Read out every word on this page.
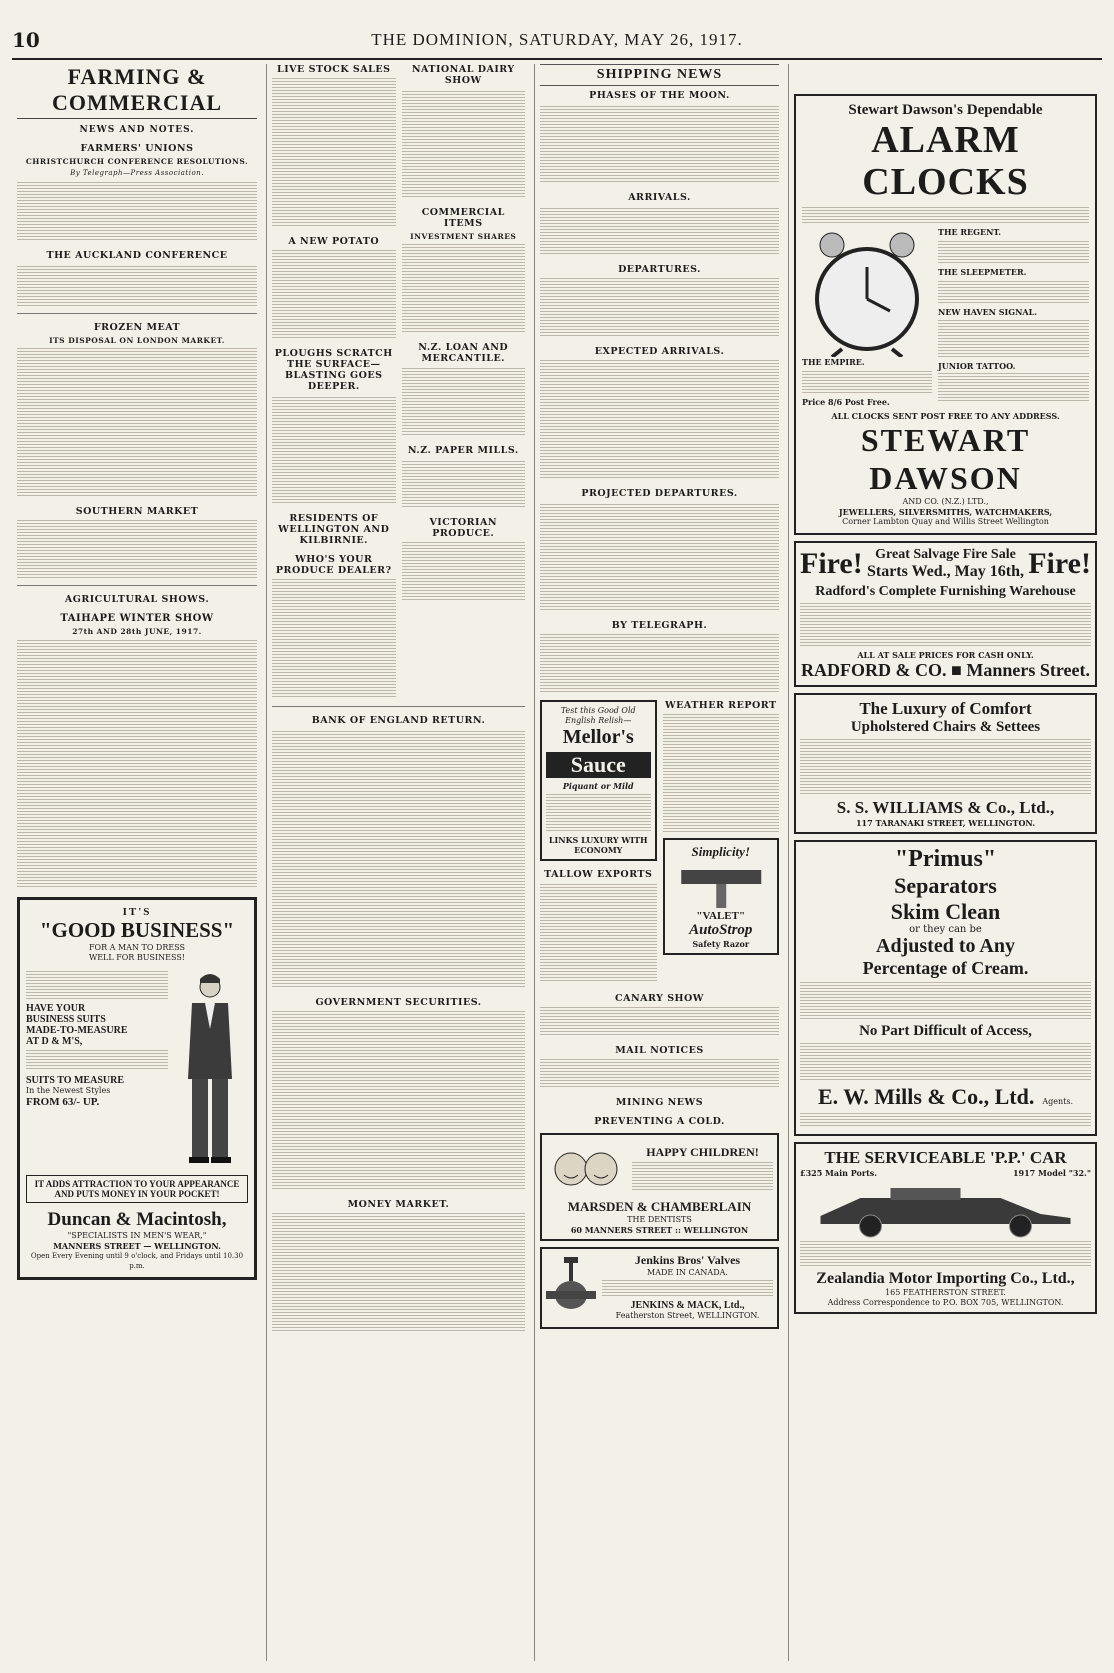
10	THE DOMINION, SATURDAY, MAY 26, 1917.
FARMING & COMMERCIAL
NEWS AND NOTES.
FARMERS' UNIONS
CHRISTCHURCH CONFERENCE RESOLUTIONS.
By Telegraph—Press Association.
THE AUCKLAND CONFERENCE
FROZEN MEAT
ITS DISPOSAL ON LONDON MARKET.
SOUTHERN MARKET
AGRICULTURAL SHOWS.
TAIHAPE WINTER SHOW
27th AND 28th JUNE, 1917.
IT'S
"GOOD BUSINESS"
FOR A MAN TO DRESS
WELL FOR BUSINESS!
HAVE YOUR
BUSINESS SUITS
MADE-TO-MEASURE
AT D & M'S,
SUITS TO MEASURE
In the Newest Styles
FROM 63/- UP.
IT ADDS ATTRACTION TO YOUR APPEARANCE AND PUTS MONEY IN YOUR POCKET!
Duncan & Macintosh,
"SPECIALISTS IN MEN'S WEAR,"
MANNERS STREET — WELLINGTON.
Open Every Evening until 9 o'clock, and Fridays until 10.30 p.m.
LIVE STOCK SALES
A NEW POTATO
PLOUGHS SCRATCH THE SURFACE—BLASTING GOES DEEPER.
RESIDENTS OF WELLINGTON AND KILBIRNIE.
WHO'S YOUR PRODUCE DEALER?
NATIONAL DAIRY SHOW
COMMERCIAL ITEMS
INVESTMENT SHARES
N.Z. LOAN AND MERCANTILE.
N.Z. PAPER MILLS.
VICTORIAN PRODUCE.
BANK OF ENGLAND RETURN.
GOVERNMENT SECURITIES.
MONEY MARKET.
SHIPPING NEWS
PHASES OF THE MOON.
ARRIVALS.
DEPARTURES.
EXPECTED ARRIVALS.
PROJECTED DEPARTURES.
BY TELEGRAPH.
Test this Good Old English Relish—
Mellor's
Sauce
Piquant or Mild
LINKS LUXURY WITH ECONOMY
TALLOW EXPORTS
WEATHER REPORT
Simplicity!
"VALET"
AutoStrop
Safety Razor
CANARY SHOW
MAIL NOTICES
MINING NEWS
PREVENTING A COLD.
HAPPY CHILDREN!
MARSDEN & CHAMBERLAIN
THE DENTISTS
60 MANNERS STREET :: WELLINGTON
Jenkins Bros' Valves
MADE IN CANADA.
JENKINS & MACK, Ltd.,
Featherston Street, WELLINGTON.
Stewart Dawson's Dependable
ALARM CLOCKS
THE EMPIRE.
Price 8/6 Post Free.
THE REGENT.
THE SLEEPMETER.
NEW HAVEN SIGNAL.
JUNIOR TATTOO.
ALL CLOCKS SENT POST FREE TO ANY ADDRESS.
STEWART DAWSON
AND CO. (N.Z.) LTD.,
JEWELLERS, SILVERSMITHS, WATCHMAKERS,
Corner Lambton Quay and Willis Street Wellington
Fire! Great Salvage Fire Sale
Starts Wed., May 16th, Fire!
Radford's Complete Furnishing Warehouse
ALL AT SALE PRICES FOR CASH ONLY.
RADFORD & CO. ■ Manners Street.
The Luxury of Comfort
Upholstered Chairs & Settees
S. S. WILLIAMS & Co., Ltd.,
117 TARANAKI STREET, WELLINGTON.
"Primus"
Separators
Skim Clean
or they can be
Adjusted to Any
Percentage of Cream.
No Part Difficult of Access,
E. W. Mills & Co., Ltd. Agents.
THE SERVICEABLE 'P.P.' CAR
£325 Main Ports.	1917 Model "32."
Zealandia Motor Importing Co., Ltd.,
165 FEATHERSTON STREET.
Address Correspondence to P.O. BOX 705, WELLINGTON.
